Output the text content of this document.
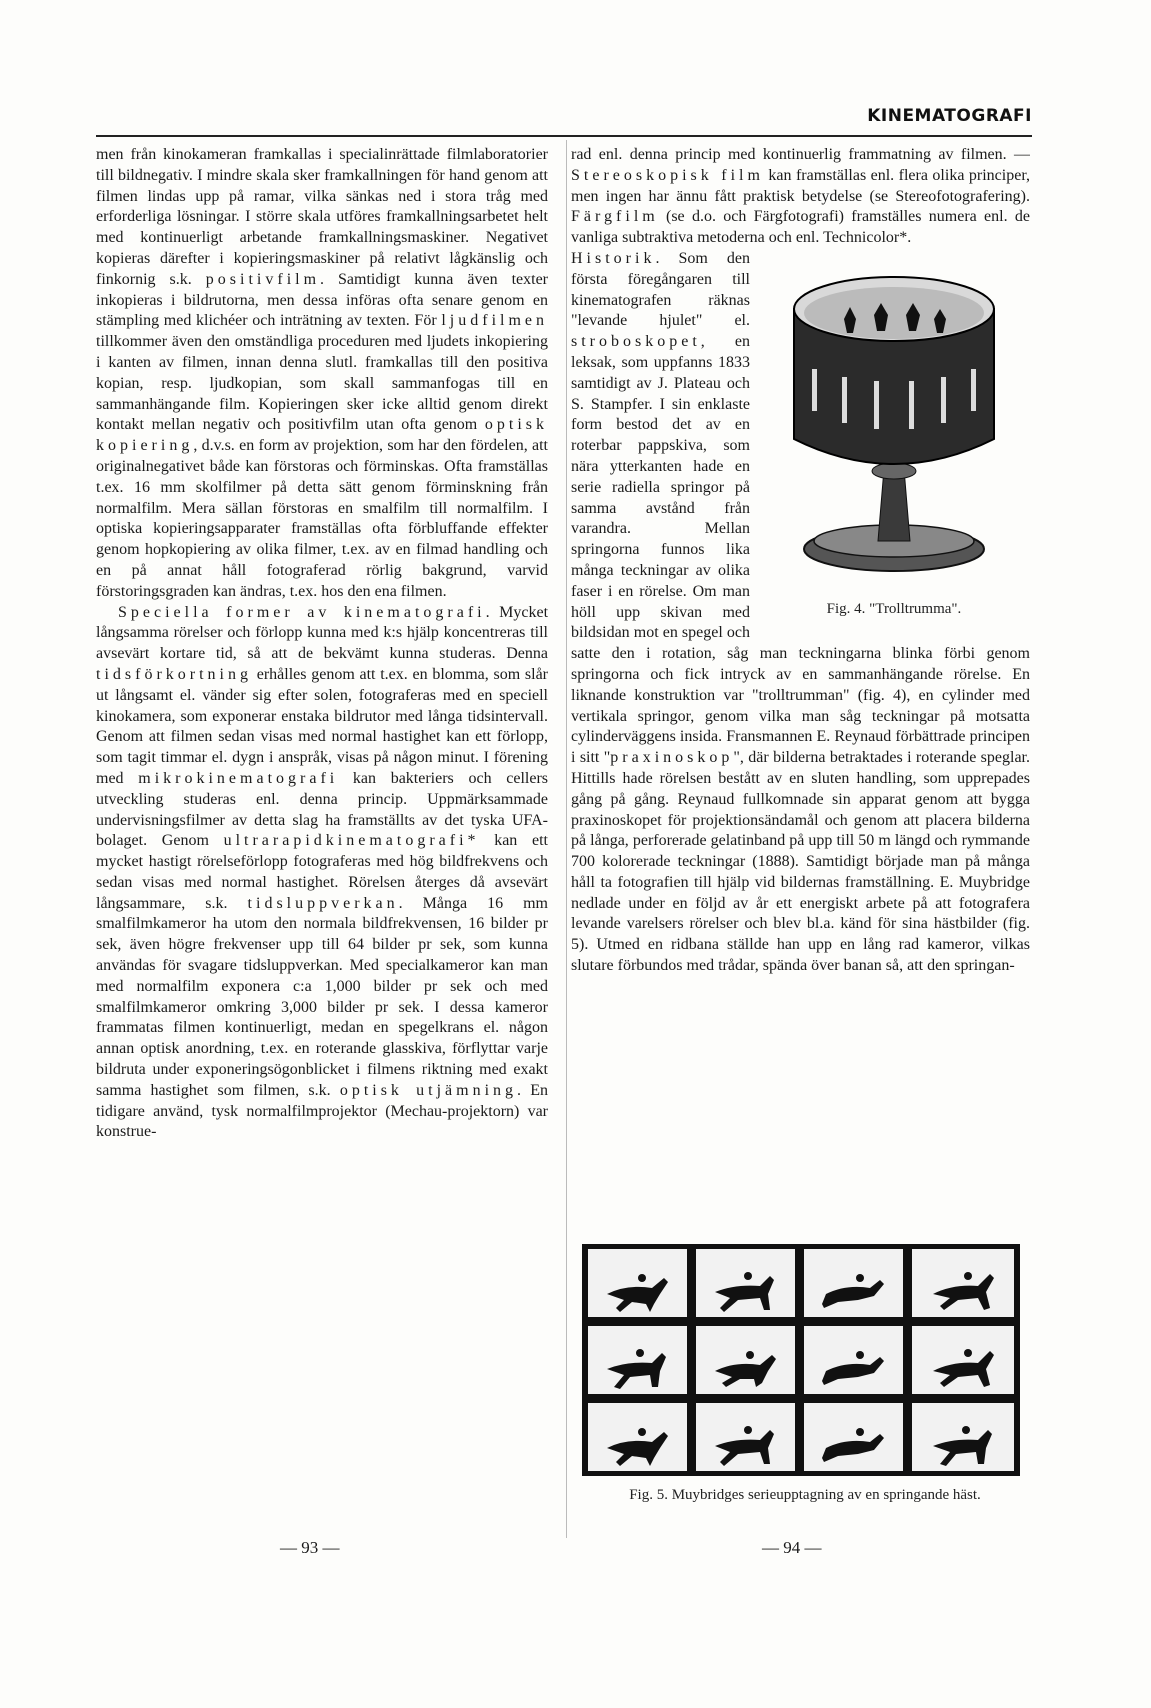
KINEMATOGRAFI

men från kinokameran framkallas i specialinrättade filmlaboratorier till bildnegativ. I mindre skala sker framkallningen för hand genom att filmen lindas upp på ramar, vilka sänkas ned i stora tråg med erforderliga lösningar. I större skala utföres framkallningsarbetet helt med kontinuerligt arbetande framkallningsmaskiner. Negativet kopieras därefter i kopieringsmaskiner på relativt lågkänslig och finkornig s.k. positivfilm. Samtidigt kunna även texter inkopieras i bildrutorna, men dessa införas ofta senare genom en stämpling med klichéer och inträtning av texten. För ljudfilmen tillkommer även den omständliga proceduren med ljudets inkopiering i kanten av filmen, innan denna slutl. framkallas till den positiva kopian, resp. ljudkopian, som skall sammanfogas till en sammanhängande film. Kopieringen sker icke alltid genom direkt kontakt mellan negativ och positivfilm utan ofta genom optisk kopiering, d.v.s. en form av projektion, som har den fördelen, att originalnegativet både kan förstoras och förminskas. Ofta framställas t.ex. 16 mm skolfilmer på detta sätt genom förminskning från normalfilm. Mera sällan förstoras en smalfilm till normalfilm. I optiska kopieringsapparater framställas ofta förbluffande effekter genom hopkopiering av olika filmer, t.ex. av en filmad handling och en på annat håll fotograferad rörlig bakgrund, varvid förstoringsgraden kan ändras, t.ex. hos den ena filmen.

Speciella former av kinematografi. Mycket långsamma rörelser och förlopp kunna med k:s hjälp koncentreras till avsevärt kortare tid, så att de bekvämt kunna studeras. Denna tidsförkortning erhålles genom att t.ex. en blomma, som slår ut långsamt el. vänder sig efter solen, fotograferas med en speciell kinokamera, som exponerar enstaka bildrutor med långa tidsintervall. Genom att filmen sedan visas med normal hastighet kan ett förlopp, som tagit timmar el. dygn i anspråk, visas på någon minut. I förening med mikrokinematografi kan bakteriers och cellers utveckling studeras enl. denna princip. Uppmärksammade undervisningsfilmer av detta slag ha framställts av det tyska UFA-bolaget. Genom ultrarapidkinematografi* kan ett mycket hastigt rörelseförlopp fotograferas med hög bildfrekvens och sedan visas med normal hastighet. Rörelsen återges då avsevärt långsammare, s.k. tidsluppverkan. Många 16 mm smalfilmkameror ha utom den normala bildfrekvensen, 16 bilder pr sek, även högre frekvenser upp till 64 bilder pr sek, som kunna användas för svagare tidsluppverkan. Med specialkameror kan man med normalfilm exponera c:a 1,000 bilder pr sek och med smalfilmkameror omkring 3,000 bilder pr sek. I dessa kameror frammatas filmen kontinuerligt, medan en spegelkrans el. någon annan optisk anordning, t.ex. en roterande glasskiva, förflyttar varje bildruta under exponeringsögonblicket i filmens riktning med exakt samma hastighet som filmen, s.k. optisk utjämning. En tidigare använd, tysk normalfilmprojektor (Mechau-projektorn) var konstrue-

rad enl. denna princip med kontinuerlig frammatning av filmen. — Stereoskopisk film kan framställas enl. flera olika principer, men ingen har ännu fått praktisk betydelse (se Stereofotografering). Färgfilm (se d.o. och Färgfotografi) framställes numera enl. de vanliga subtraktiva metoderna och enl. Technicolor*.

Fig. 4. "Trolltrumma".

Historik. Som den första föregångaren till kinematografen räknas "levande hjulet" el. stroboskopet, en leksak, som uppfanns 1833 samtidigt av J. Plateau och S. Stampfer. I sin enklaste form bestod det av en roterbar pappskiva, som nära ytterkanten hade en serie radiella springor på samma avstånd från varandra. Mellan springorna funnos lika många teckningar av olika faser i en rörelse. Om man höll upp skivan med bildsidan mot en spegel och satte den i rotation, såg man teckningarna blinka förbi genom springorna och fick intryck av en sammanhängande rörelse. En liknande konstruktion var "trolltrumman" (fig. 4), en cylinder med vertikala springor, genom vilka man såg teckningar på motsatta cylinderväggens insida. Fransmannen E. Reynaud förbättrade principen i sitt "praxinoskop", där bilderna betraktades i roterande speglar. Hittills hade rörelsen bestått av en sluten handling, som upprepades gång på gång. Reynaud fullkomnade sin apparat genom att bygga praxinoskopet för projektionsändamål och genom att placera bilderna på långa, perforerade gelatinband på upp till 50 m längd och rymmande 700 kolorerade teckningar (1888). Samtidigt började man på många håll ta fotografien till hjälp vid bildernas framställning. E. Muybridge nedlade under en följd av år ett energiskt arbete på att fotografera levande varelsers rörelser och blev bl.a. känd för sina hästbilder (fig. 5). Utmed en ridbana ställde han upp en lång rad kameror, vilkas slutare förbundos med trådar, spända över banan så, att den springan-

Fig. 5. Muybridges serieupptagning av en springande häst.
— 93 —	— 94 —
